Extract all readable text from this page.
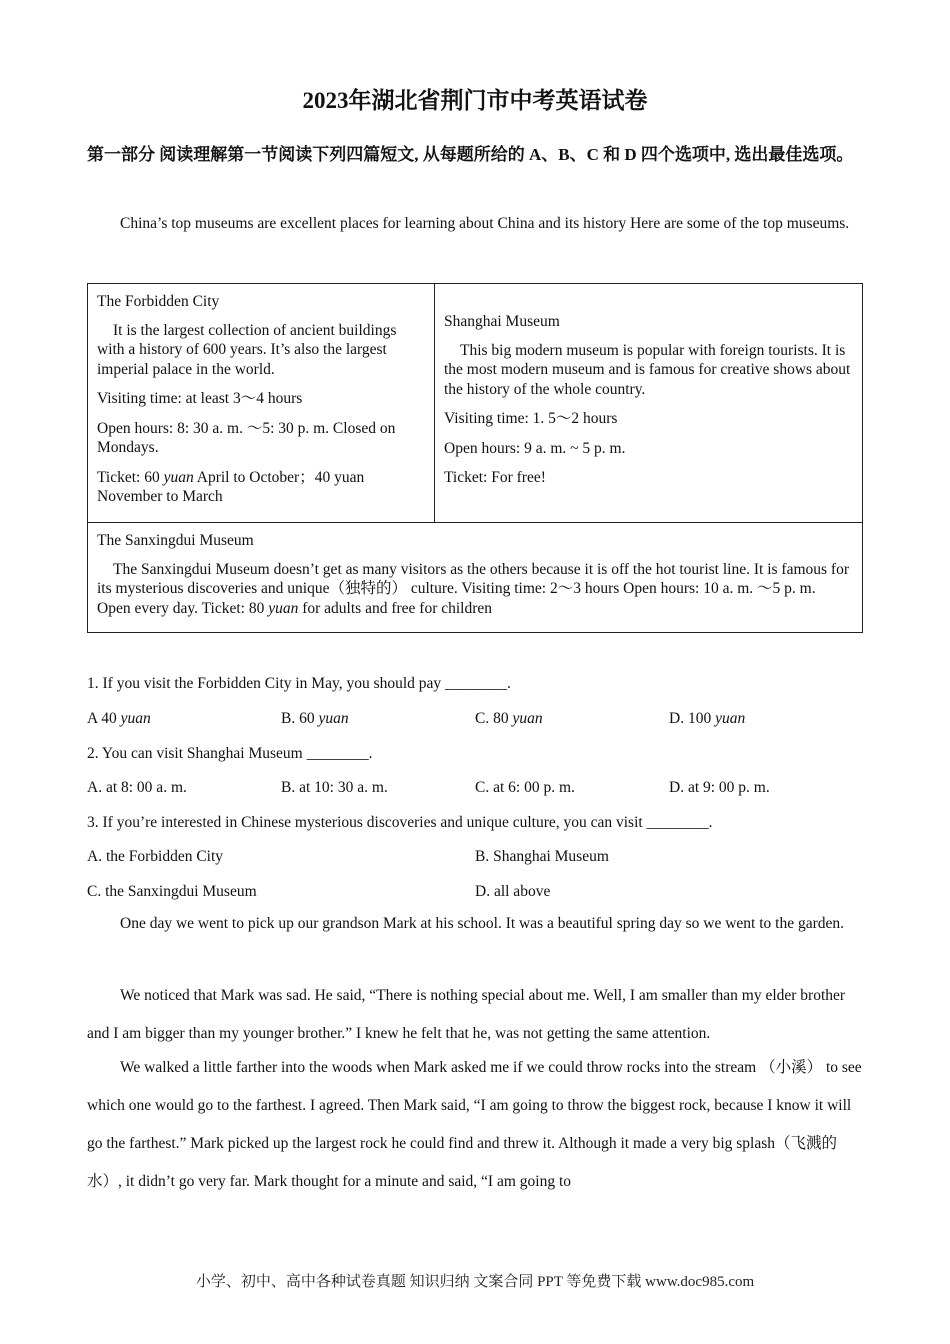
2023年湖北省荆门市中考英语试卷
第一部分 阅读理解第一节阅读下列四篇短文, 从每题所给的 A、B、C 和 D 四个选项中, 选出最佳选项。
China’s top museums are excellent places for learning about China and its history Here are some of the top museums.

The Forbidden City

It is the largest collection of ancient buildings with a history of 600 years. It’s also the largest imperial palace in the world.

Visiting time: at least 3～4 hours

Open hours: 8: 30 a. m. ～5: 30 p. m. Closed on Mondays.

Ticket: 60 yuan April to October；40 yuan November to March

Shanghai Museum

This big modern museum is popular with foreign tourists. It is the most modern museum and is famous for creative shows about the history of the whole country.

Visiting time: 1. 5～2 hours

Open hours: 9 a. m. ~ 5 p. m.

Ticket: For free!

The Sanxingdui Museum

The Sanxingdui Museum doesn’t get as many visitors as the others because it is off the hot tourist line. It is famous for its mysterious discoveries and unique（独特的） culture. Visiting time: 2～3 hours Open hours: 10 a. m. ～5 p. m. Open every day. Ticket: 80 yuan for adults and free for children

1. If you visit the Forbidden City in May, you should pay ________.
A 40 yuan	B. 60 yuan	C. 80 yuan	D. 100 yuan
2. You can visit Shanghai Museum ________.
A. at 8: 00 a. m.	B. at 10: 30 a. m.	C. at 6: 00 p. m.	D. at 9: 00 p. m.
3. If you’re interested in Chinese mysterious discoveries and unique culture, you can visit ________.
A. the Forbidden City	B. Shanghai Museum
C. the Sanxingdui Museum	D. all above
One day we went to pick up our grandson Mark at his school. It was a beautiful spring day so we went to the garden.
We noticed that Mark was sad. He said, “There is nothing special about me. Well, I am smaller than my elder brother and I am bigger than my younger brother.” I knew he felt that he, was not getting the same attention.
We walked a little farther into the woods when Mark asked me if we could throw rocks into the stream （小溪） to see which one would go to the farthest. I agreed. Then Mark said, “I am going to throw the biggest rock, because I know it will go the farthest.” Mark picked up the largest rock he could find and threw it. Although it made a very big splash（飞溅的水）, it didn’t go very far. Mark thought for a minute and said, “I am going to
小学、初中、高中各种试卷真题 知识归纳 文案合同 PPT 等免费下载 www.doc985.com
